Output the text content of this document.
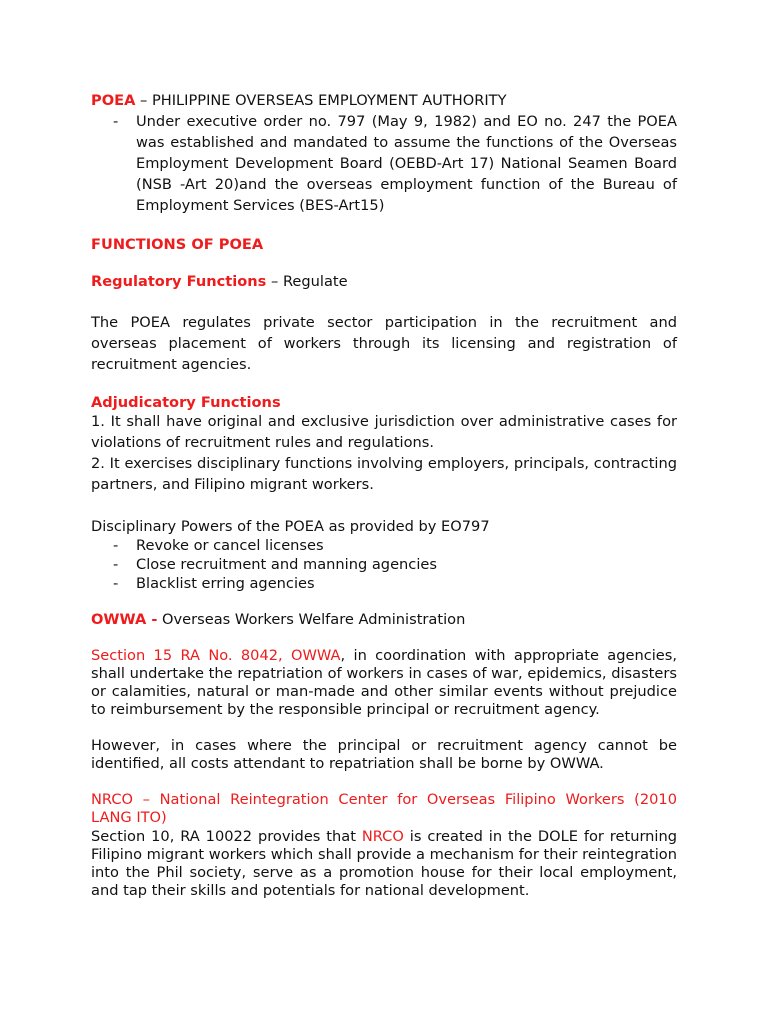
POEA – PHILIPPINE OVERSEAS EMPLOYMENT AUTHORITY
- Under executive order no. 797 (May 9, 1982) and EO no. 247 the POEA was established and mandated to assume the functions of the Overseas Employment Development Board (OEBD-Art 17) National Seamen Board (NSB -Art 20)and the overseas employment function of the Bureau of Employment Services (BES-Art15)
FUNCTIONS OF POEA
Regulatory Functions – Regulate

The POEA regulates private sector participation in the recruitment and overseas placement of workers through its licensing and registration of recruitment agencies.

Adjudicatory Functions

1. It shall have original and exclusive jurisdiction over administrative cases for violations of recruitment rules and regulations.

2. It exercises disciplinary functions involving employers, principals, contracting partners, and Filipino migrant workers.

Disciplinary Powers of the POEA as provided by EO797
- Revoke or cancel licenses
- Close recruitment and manning agencies
- Blacklist erring agencies
OWWA - Overseas Workers Welfare Administration

Section 15 RA No. 8042, OWWA, in coordination with appropriate agencies, shall undertake the repatriation of workers in cases of war, epidemics, disasters or calamities, natural or man-made and other similar events without prejudice to reimbursement by the responsible principal or recruitment agency.

However, in cases where the principal or recruitment agency cannot be identified, all costs attendant to repatriation shall be borne by OWWA.

NRCO – National Reintegration Center for Overseas Filipino Workers (2010 LANG ITO)

Section 10, RA 10022 provides that NRCO is created in the DOLE for returning Filipino migrant workers which shall provide a mechanism for their reintegration into the Phil society, serve as a promotion house for their local employment, and tap their skills and potentials for national development.
